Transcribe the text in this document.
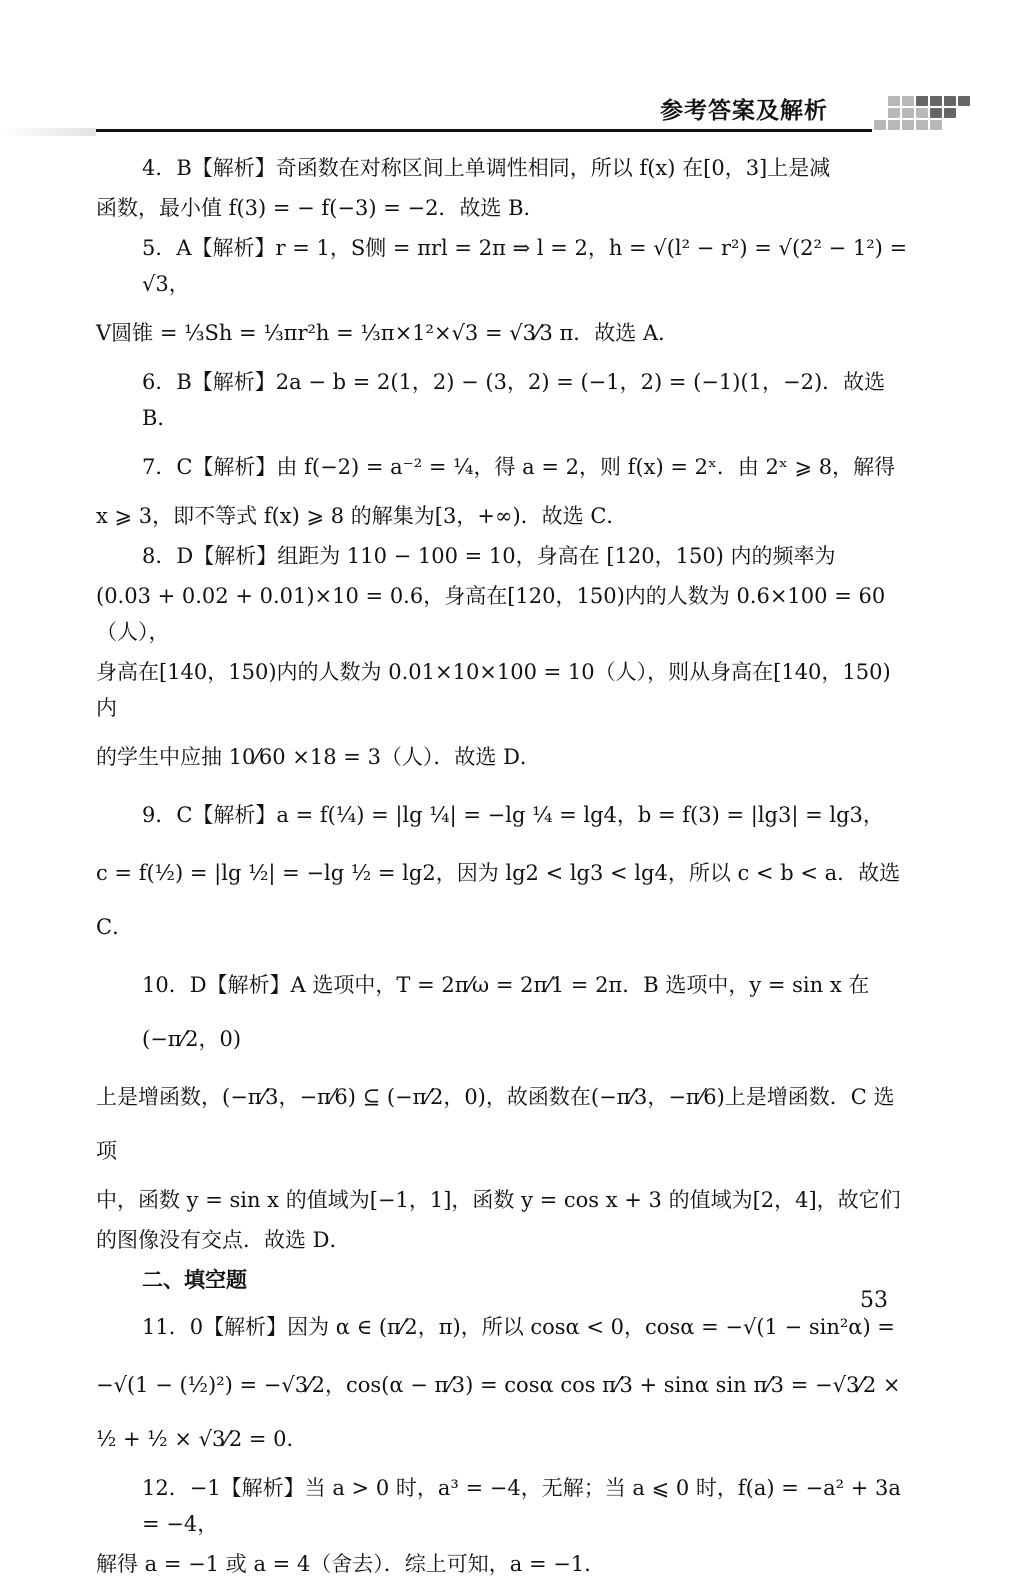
参考答案及解析
4．B【解析】奇函数在对称区间上单调性相同，所以 f(x) 在[0，3]上是减
函数，最小值 f(3) = − f(−3) = −2．故选 B．
5．A【解析】r = 1，S侧 = πrl = 2π ⇒ l = 2，h = √(l² − r²) = √(2² − 1²) = √3，
V圆锥 = ⅓Sh = ⅓πr²h = ⅓π×1²×√3 = √3⁄3 π．故选 A．
6．B【解析】2a − b = 2(1，2) − (3，2) = (−1，2) = (−1)(1，−2)．故选 B．
7．C【解析】由 f(−2) = a⁻² = ¼，得 a = 2，则 f(x) = 2ˣ．由 2ˣ ⩾ 8，解得
x ⩾ 3，即不等式 f(x) ⩾ 8 的解集为[3，+∞)．故选 C．
8．D【解析】组距为 110 − 100 = 10，身高在 [120，150) 内的频率为
(0.03 + 0.02 + 0.01)×10 = 0.6，身高在[120，150)内的人数为 0.6×100 = 60（人），
身高在[140，150)内的人数为 0.01×10×100 = 10（人），则从身高在[140，150)内
的学生中应抽 10⁄60 ×18 = 3（人）．故选 D．
9．C【解析】a = f(¼) = |lg ¼| = −lg ¼ = lg4，b = f(3) = |lg3| = lg3，
c = f(½) = |lg ½| = −lg ½ = lg2，因为 lg2 < lg3 < lg4，所以 c < b < a．故选 C．
10．D【解析】A 选项中，T = 2π⁄ω = 2π⁄1 = 2π．B 选项中，y = sin x 在(−π⁄2，0)
上是增函数，(−π⁄3，−π⁄6) ⊆ (−π⁄2，0)，故函数在(−π⁄3，−π⁄6)上是增函数．C 选项
中，函数 y = sin x 的值域为[−1，1]，函数 y = cos x + 3 的值域为[2，4]，故它们
的图像没有交点．故选 D．
二、填空题
11．0【解析】因为 α ∈ (π⁄2，π)，所以 cosα < 0，cosα = −√(1 − sin²α) =
−√(1 − (½)²) = −√3⁄2，cos(α − π⁄3) = cosα cos π⁄3 + sinα sin π⁄3 = −√3⁄2 × ½ + ½ × √3⁄2 = 0．
12．−1【解析】当 a > 0 时，a³ = −4，无解；当 a ⩽ 0 时，f(a) = −a² + 3a = −4，
解得 a = −1 或 a = 4（舍去）．综上可知，a = −1．
53
